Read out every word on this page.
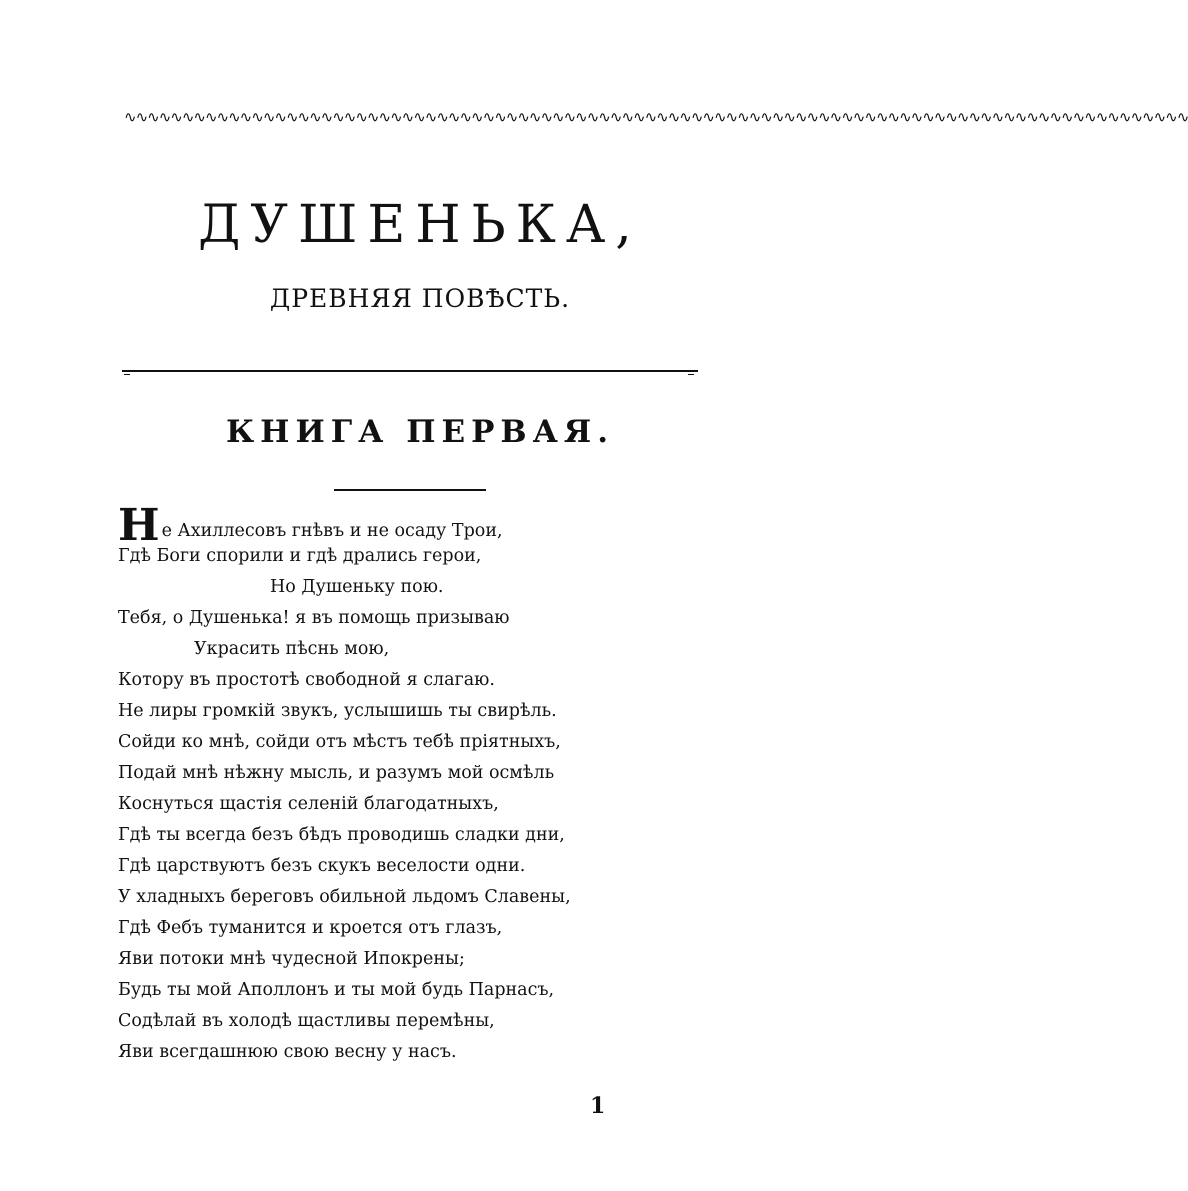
∿∿∿∿∿∿∿∿∿∿∿∿∿∿∿∿∿∿∿∿∿∿∿∿∿∿∿∿∿∿∿∿∿∿∿∿∿∿∿∿∿∿∿∿∿∿∿∿∿∿∿∿∿∿∿∿∿∿∿∿∿∿∿∿∿∿∿∿∿∿∿∿∿∿∿∿∿∿∿∿∿∿∿∿∿∿∿∿∿∿∿∿
ДУШЕНЬКА,
ДРЕВНЯЯ ПОВѢСТЬ.
КНИГА ПЕРВАЯ.
Не Ахиллесовъ гнѣвъ и не осаду Трои,
Гдѣ Боги спорили и гдѣ дрались герои,
Но Душеньку пою.
Тебя, о Душенька! я въ помощь призываю
Украсить пѣснь мою,
Котору въ простотѣ свободной я слагаю.
Не лиры громкій звукъ, услышишь ты свирѣль.
Сойди ко мнѣ, сойди отъ мѣстъ тебѣ пріятныхъ,
Подай мнѣ нѣжну мысль, и разумъ мой осмѣль
Коснуться щастія селеній благодатныхъ,
Гдѣ ты всегда безъ бѣдъ проводишь сладки дни,
Гдѣ царствуютъ безъ скукъ веселости одни.
У хладныхъ береговъ обильной льдомъ Славены,
Гдѣ Фебъ туманится и кроется отъ глазъ,
Яви потоки мнѣ чудесной Ипокрены;
Будь ты мой Аполлонъ и ты мой будь Парнасъ,
Содѣлай въ холодѣ щастливы перемѣны,
Яви всегдашнюю свою весну у насъ.
1
